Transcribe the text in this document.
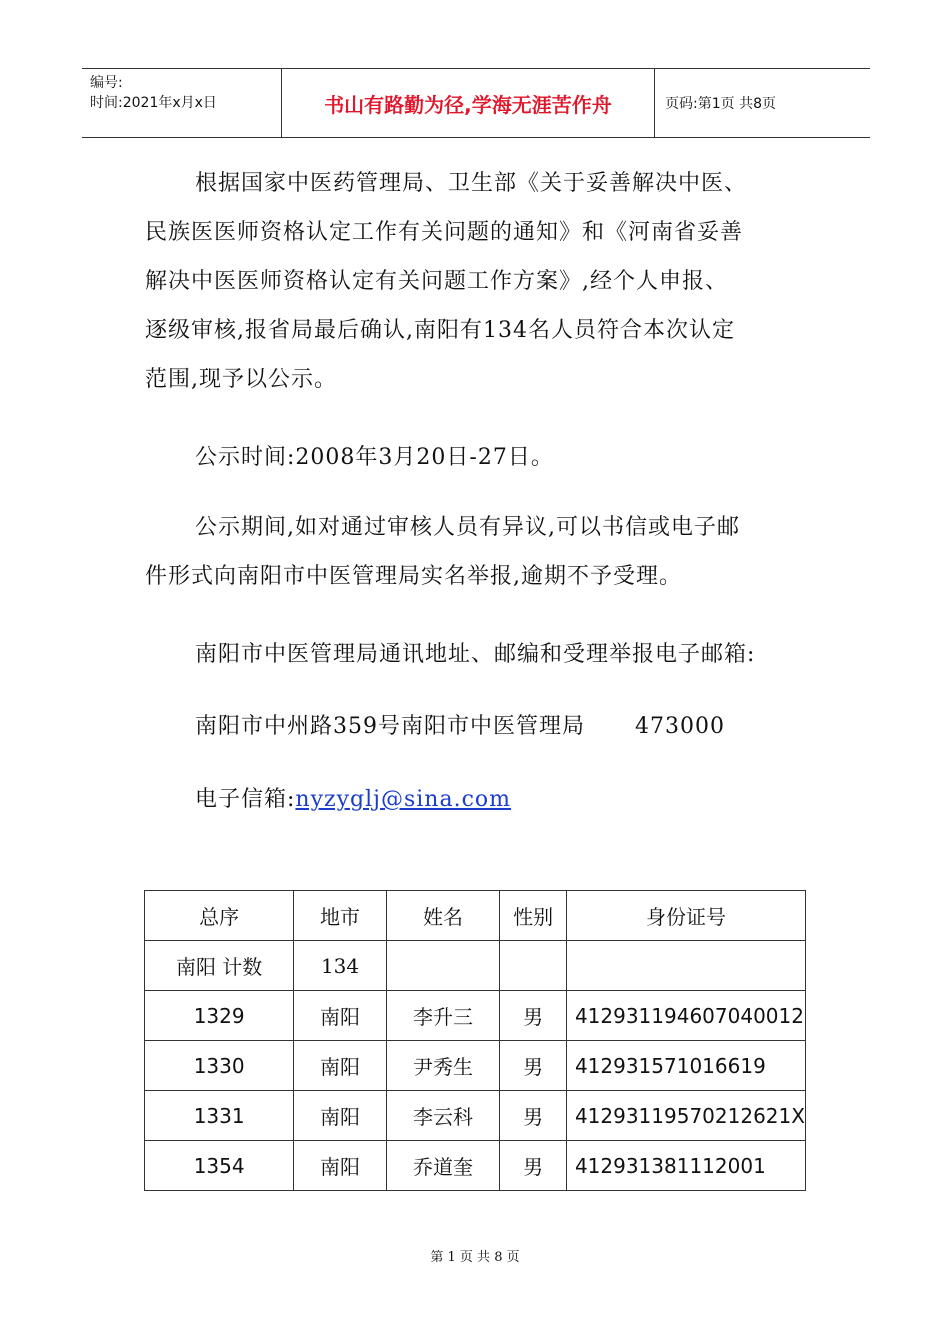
编号:
时间:2021年x月x日	书山有路勤为径,学海无涯苦作舟	页码:第1页 共8页

根据国家中医药管理局、卫生部《关于妥善解决中医、

民族医医师资格认定工作有关问题的通知》和《河南省妥善

解决中医医师资格认定有关问题工作方案》,经个人申报、

逐级审核,报省局最后确认,南阳有134名人员符合本次认定

范围,现予以公示。

公示时间:2008年3月20日-27日。

公示期间,如对通过审核人员有异议,可以书信或电子邮

件形式向南阳市中医管理局实名举报,逾期不予受理。

南阳市中医管理局通讯地址、邮编和受理举报电子邮箱:
南阳市中州路359号南阳市中医管理局 473000
电子信箱:nyzyglj@sina.com
总序	地市	姓名	性别	身份证号
南阳 计数	134			
1329	南阳	李升三	男	412931194607040012
1330	南阳	尹秀生	男	412931571016619
1331	南阳	李云科	男	41293119570212621X
1354	南阳	乔道奎	男	412931381112001
第 1 页 共 8 页
